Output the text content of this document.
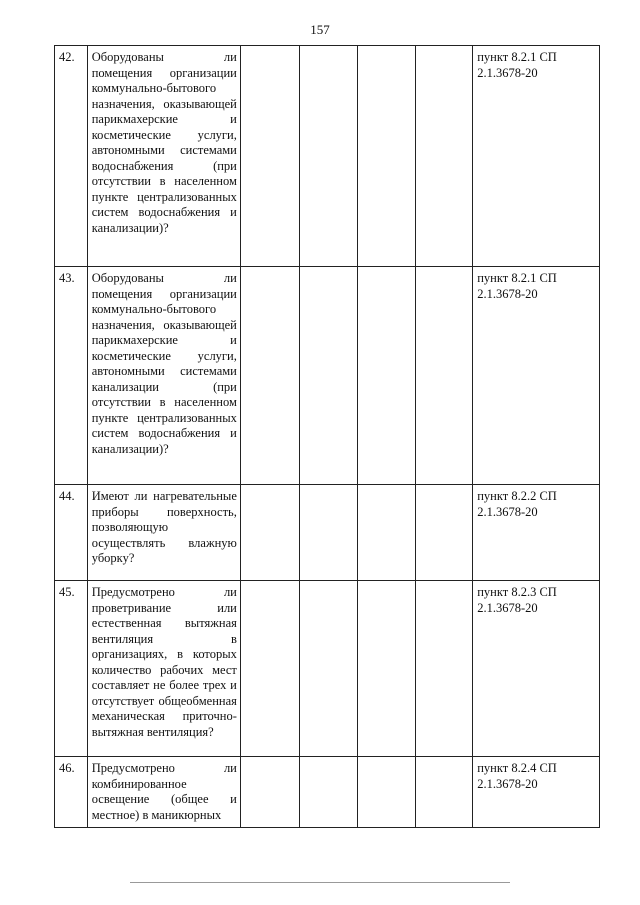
157
42.	Оборудованы ли помещения организации коммунально-бытового назначения, оказывающей парикмахерские и косметические услуги, автономными системами водоснабжения (при отсутствии в населенном пункте централизованных систем водоснабжения и канализации)?					пункт 8.2.1 СП
2.1.3678-20

43.	Оборудованы ли помещения организации коммунально-бытового назначения, оказывающей парикмахерские и косметические услуги, автономными системами канализации (при отсутствии в населенном пункте централизованных систем водоснабжения и канализации)?					пункт 8.2.1 СП
2.1.3678-20

44.	Имеют ли нагревательные приборы поверхность, позволяющую осуществлять влажную уборку?					пункт 8.2.2 СП
2.1.3678-20

45.	Предусмотрено ли проветривание или естественная вытяжная вентиляция в организациях, в которых количество рабочих мест составляет не более трех и отсутствует общеобменная механическая приточно-вытяжная вентиляция?					пункт 8.2.3 СП
2.1.3678-20

46.	Предусмотрено ли комбинированное освещение (общее и местное) в маникюрных					пункт 8.2.4 СП
2.1.3678-20
